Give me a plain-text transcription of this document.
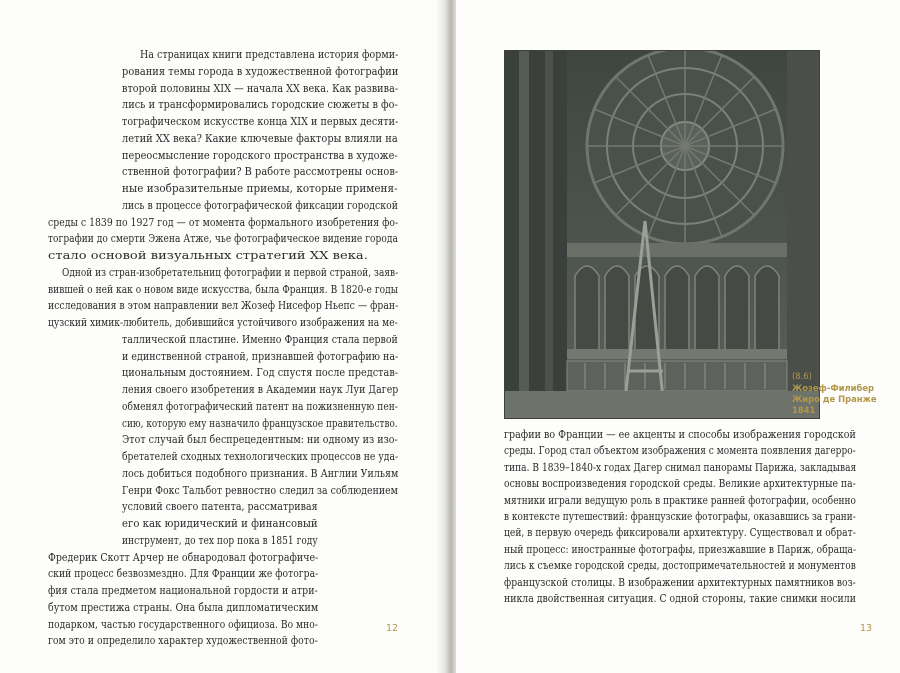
На страницах книги представлена история форми-
рования темы города в художественной фотографии
второй половины XIX — начала XX века. Как развива-
лись и трансформировались городские сюжеты в фо-
тографическом искусстве конца XIX и первых десяти-
летий XX века? Какие ключевые факторы влияли на
переосмысление городского пространства в художе-
ственной фотографии? В работе рассмотрены основ-
ные изобразительные приемы, которые применя-
лись в процессе фотографической фиксации городской
среды с 1839 по 1927 год — от момента формального изобретения фо-
тографии до смерти Эжена Атже, чье фотографическое видение города
стало основой визуальных стратегий XX века.
Одной из стран-изобретательниц фотографии и первой страной, заяв-
вившей о ней как о новом виде искусства, была Франция. В 1820-е годы
исследования в этом направлении вел Жозеф Нисефор Ньепс — фран-
цузский химик-любитель, добившийся устойчивого изображения на ме-
таллической пластине. Именно Франция стала первой
и единственной страной, признавшей фотографию на-
циональным достоянием. Год спустя после представ-
ления своего изобретения в Академии наук Луи Дагер
обменял фотографический патент на пожизненную пен-
сию, которую ему назначило французское правительство.
Этот случай был беспрецедентным: ни одному из изо-
бретателей сходных технологических процессов не уда-
лось добиться подобного признания. В Англии Уильям
Генри Фокс Тальбот ревностно следил за соблюдением
условий своего патента, рассматривая
его как юридический и финансовый
инструмент, до тех пор пока в 1851 году
Фредерик Скотт Арчер не обнародовал фотографиче-
ский процесс безвозмездно. Для Франции же фотогра-
фия стала предметом национальной гордости и атри-
бутом престижа страны. Она была дипломатическим
подарком, частью государственного официоза. Во мно-
гом это и определило характер художественной фото-
12
(8.6)
Жозеф-Филибер
Жиро де Пранже
1841
графии во Франции — ее акценты и способы изображения городской
среды. Город стал объектом изображения с момента появления дагерро-
типа. В 1839–1840-х годах Дагер снимал панорамы Парижа, закладывая
основы воспроизведения городской среды. Великие архитектурные па-
мятники играли ведущую роль в практике ранней фотографии, особенно
в контексте путешествий: французские фотографы, оказавшись за грани-
цей, в первую очередь фиксировали архитектуру. Существовал и обрат-
ный процесс: иностранные фотографы, приезжавшие в Париж, обраща-
лись к съемке городской среды, достопримечательностей и монументов
французской столицы. В изображении архитектурных памятников воз-
никла двойственная ситуация. С одной стороны, такие снимки носили
13
